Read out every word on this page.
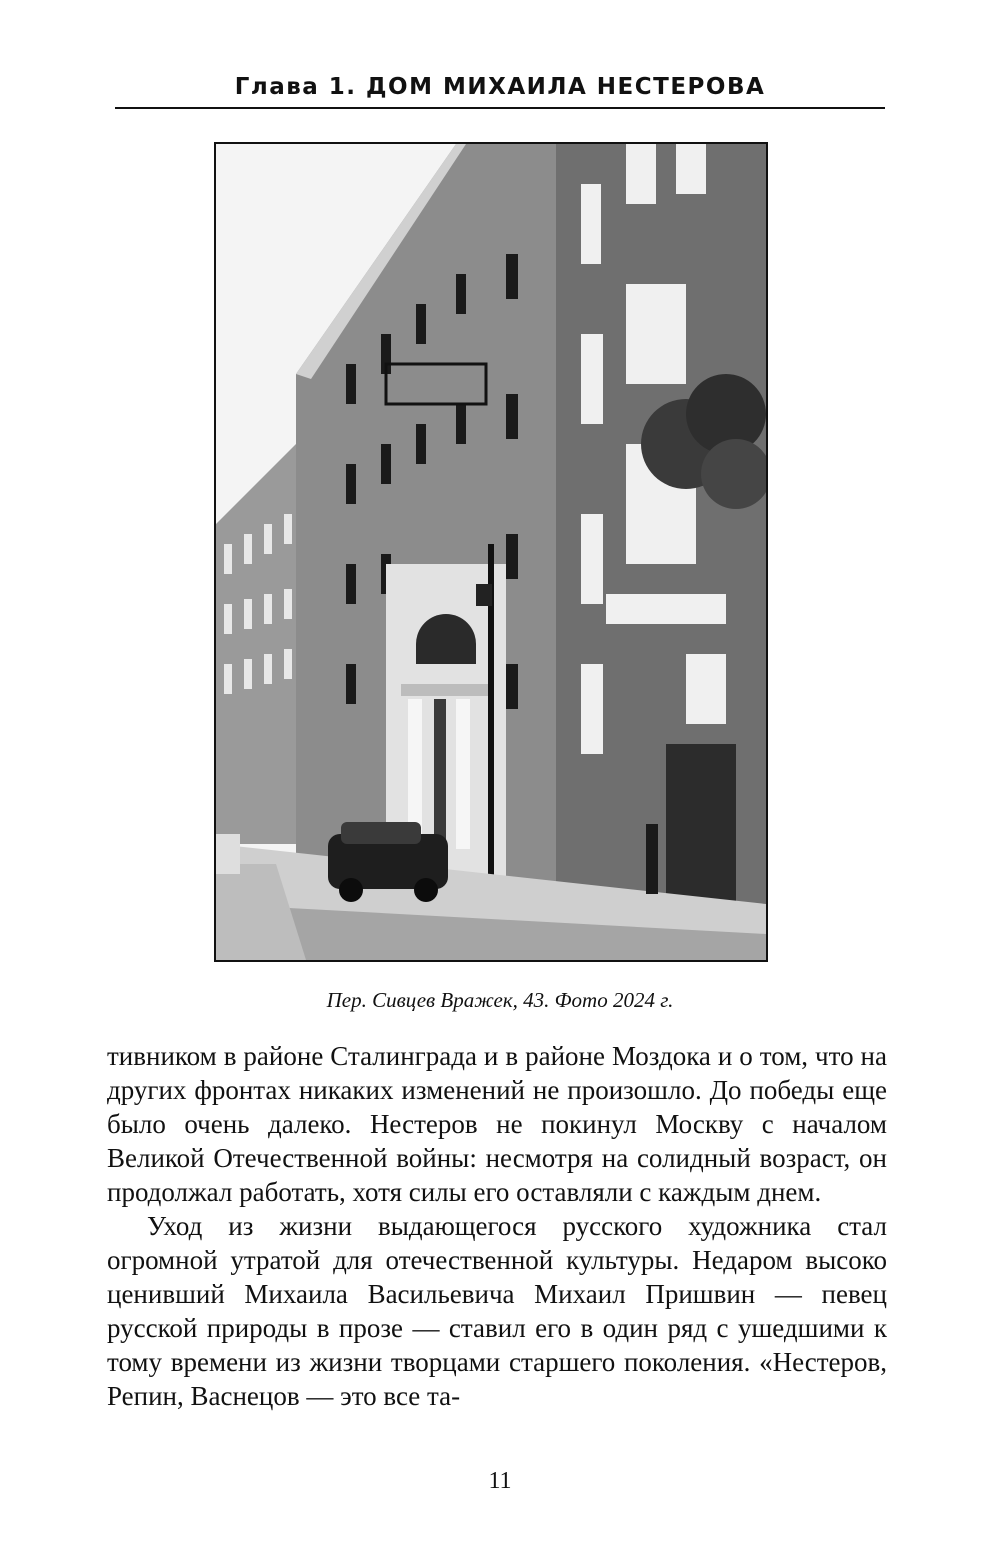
Глава 1. ДОМ МИХАИЛА НЕСТЕРОВА
Пер. Сивцев Вражек, 43. Фото 2024 г.

тивником в районе Сталинграда и в районе Моздока и о том, что на других фронтах никаких изменений не произошло. До победы еще было очень далеко. Нестеров не покинул Москву с началом Великой Отечественной войны: несмотря на солидный возраст, он продолжал работать, хотя силы его оставляли с каждым днем.

Уход из жизни выдающегося русского художника стал огромной утратой для отечественной культуры. Недаром высоко ценивший Михаила Васильевича Михаил Пришвин — певец русской природы в прозе — ставил его в один ряд с ушедшими к тому времени из жизни творцами старшего поколения. «Нестеров, Репин, Васнецов — это все та-

11
